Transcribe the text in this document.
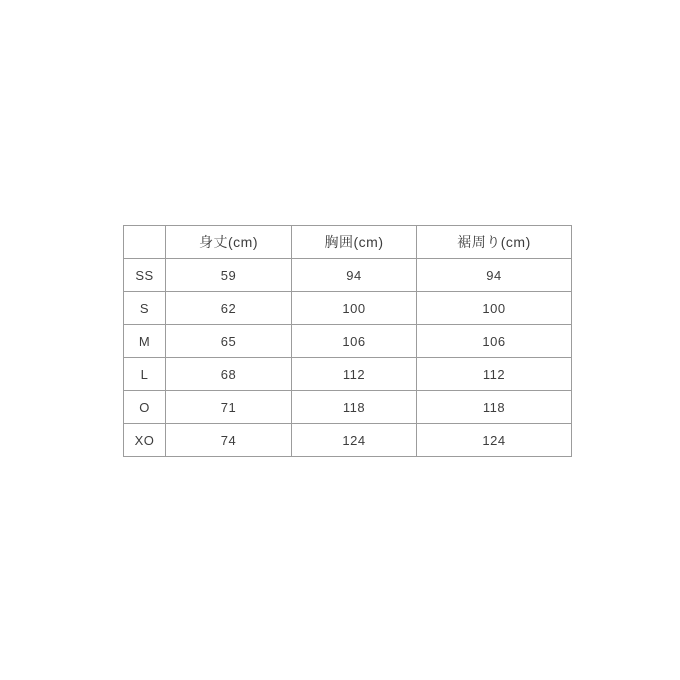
	身丈(cm)	胸囲(cm)	裾周り(cm)
SS	59	94	94
S	62	100	100
M	65	106	106
L	68	112	112
O	71	118	118
XO	74	124	124
